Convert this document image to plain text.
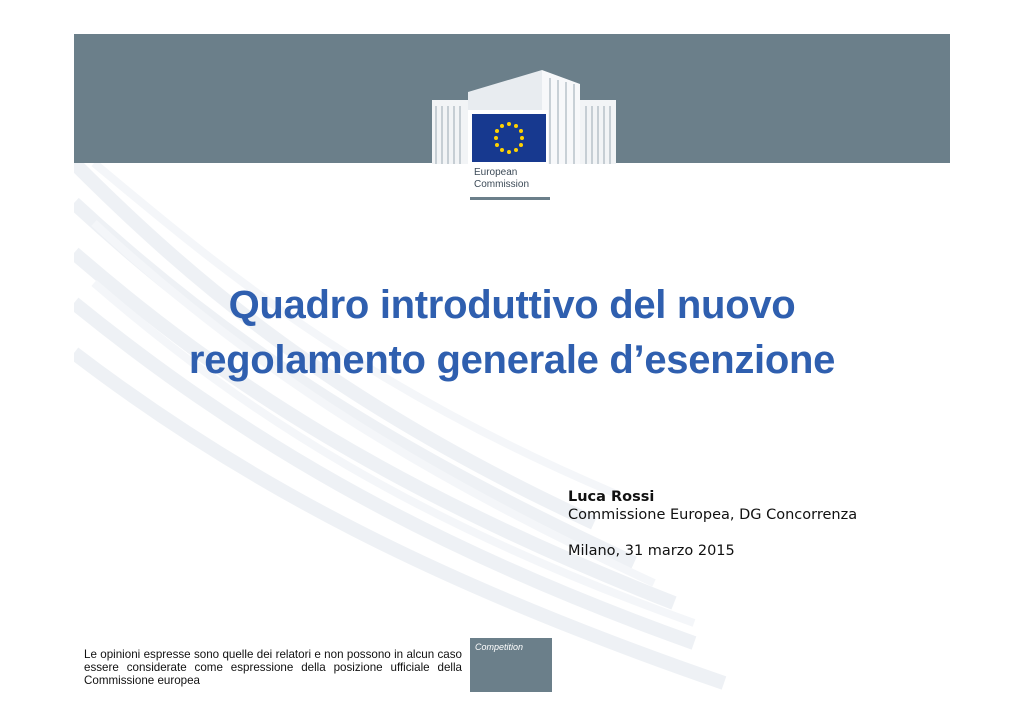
European
Commission
Quadro introduttivo del nuovo
regolamento generale d’esenzione
Luca Rossi
Commissione Europea, DG Concorrenza
Milano, 31 marzo 2015
Le opinioni espresse sono quelle dei relatori e non possono in alcun caso essere considerate come espressione della posizione ufficiale della Commissione europea
Competition
